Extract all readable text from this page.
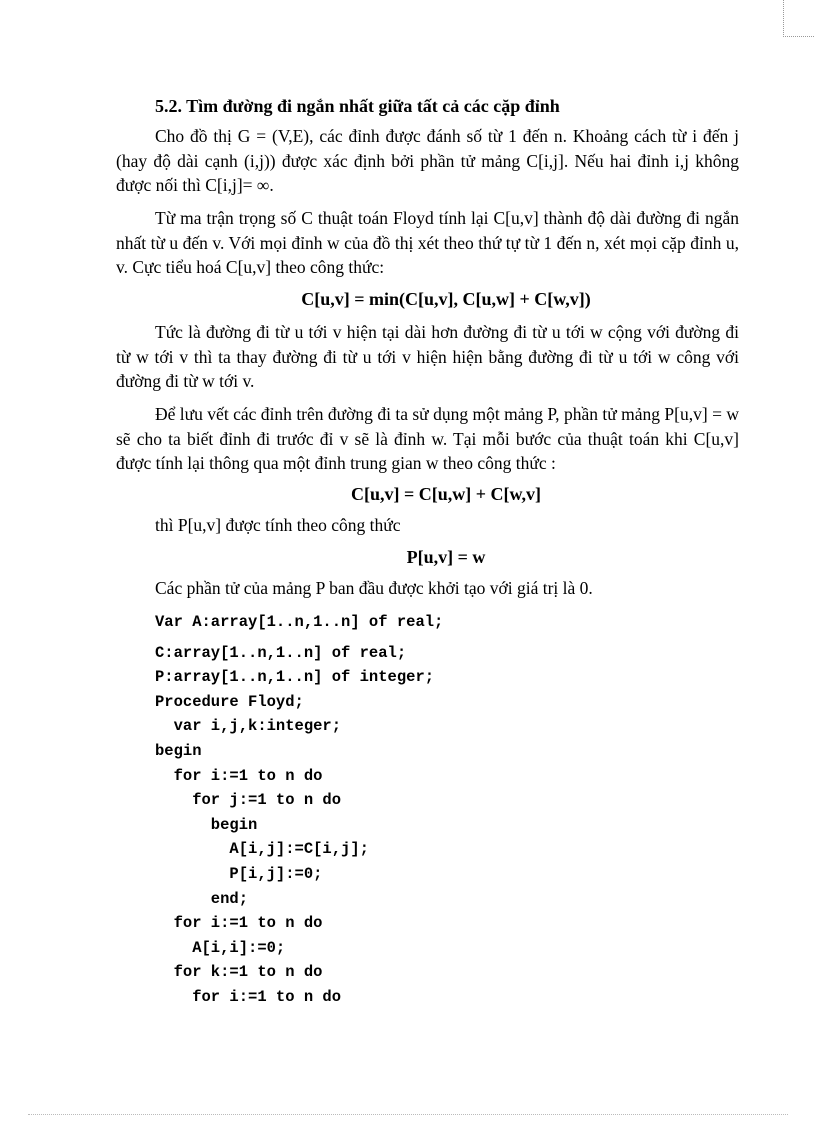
5.2. Tìm đường đi ngắn nhất giữa tất cả các cặp đỉnh
Cho đồ thị G = (V,E), các đỉnh được đánh số từ 1 đến n. Khoảng cách từ i đến j (hay độ dài cạnh (i,j)) được xác định bởi phần tử mảng C[i,j]. Nếu hai đỉnh i,j không được nối thì C[i,j]= ∞.
Từ ma trận trọng số C thuật toán Floyd tính lại C[u,v] thành độ dài đường đi ngắn nhất từ u đến v. Với mọi đỉnh w của đồ thị xét theo thứ tự từ 1 đến n, xét mọi cặp đỉnh u, v. Cực tiểu hoá C[u,v] theo công thức:
C[u,v] = min(C[u,v], C[u,w] + C[w,v])
Tức là đường đi từ u tới v hiện tại dài hơn đường đi từ u tới w cộng với đường đi từ w tới v thì ta thay đường đi từ u tới v hiện hiện bằng đường đi từ u tới w công với đường đi từ w tới v.
Để lưu vết các đỉnh trên đường đi ta sử dụng một mảng P, phần tử mảng P[u,v] = w sẽ cho ta biết đỉnh đi trước đỉ v sẽ là đỉnh w. Tại mỗi bước của thuật toán khi C[u,v] được tính lại thông qua một đỉnh trung gian w theo công thức :
C[u,v] = C[u,w] + C[w,v]
thì P[u,v] được tính theo công thức
P[u,v] = w
Các phần tử của mảng P ban đầu được khởi tạo với giá trị là 0.
Var A:array[1..n,1..n] of real;
C:array[1..n,1..n] of real;
P:array[1..n,1..n] of integer;
Procedure Floyd;
var i,j,k:integer;
begin
for i:=1 to n do
for j:=1 to n do
begin
A[i,j]:=C[i,j];
P[i,j]:=0;
end;
for i:=1 to n do
A[i,i]:=0;
for k:=1 to n do
for i:=1 to n do
